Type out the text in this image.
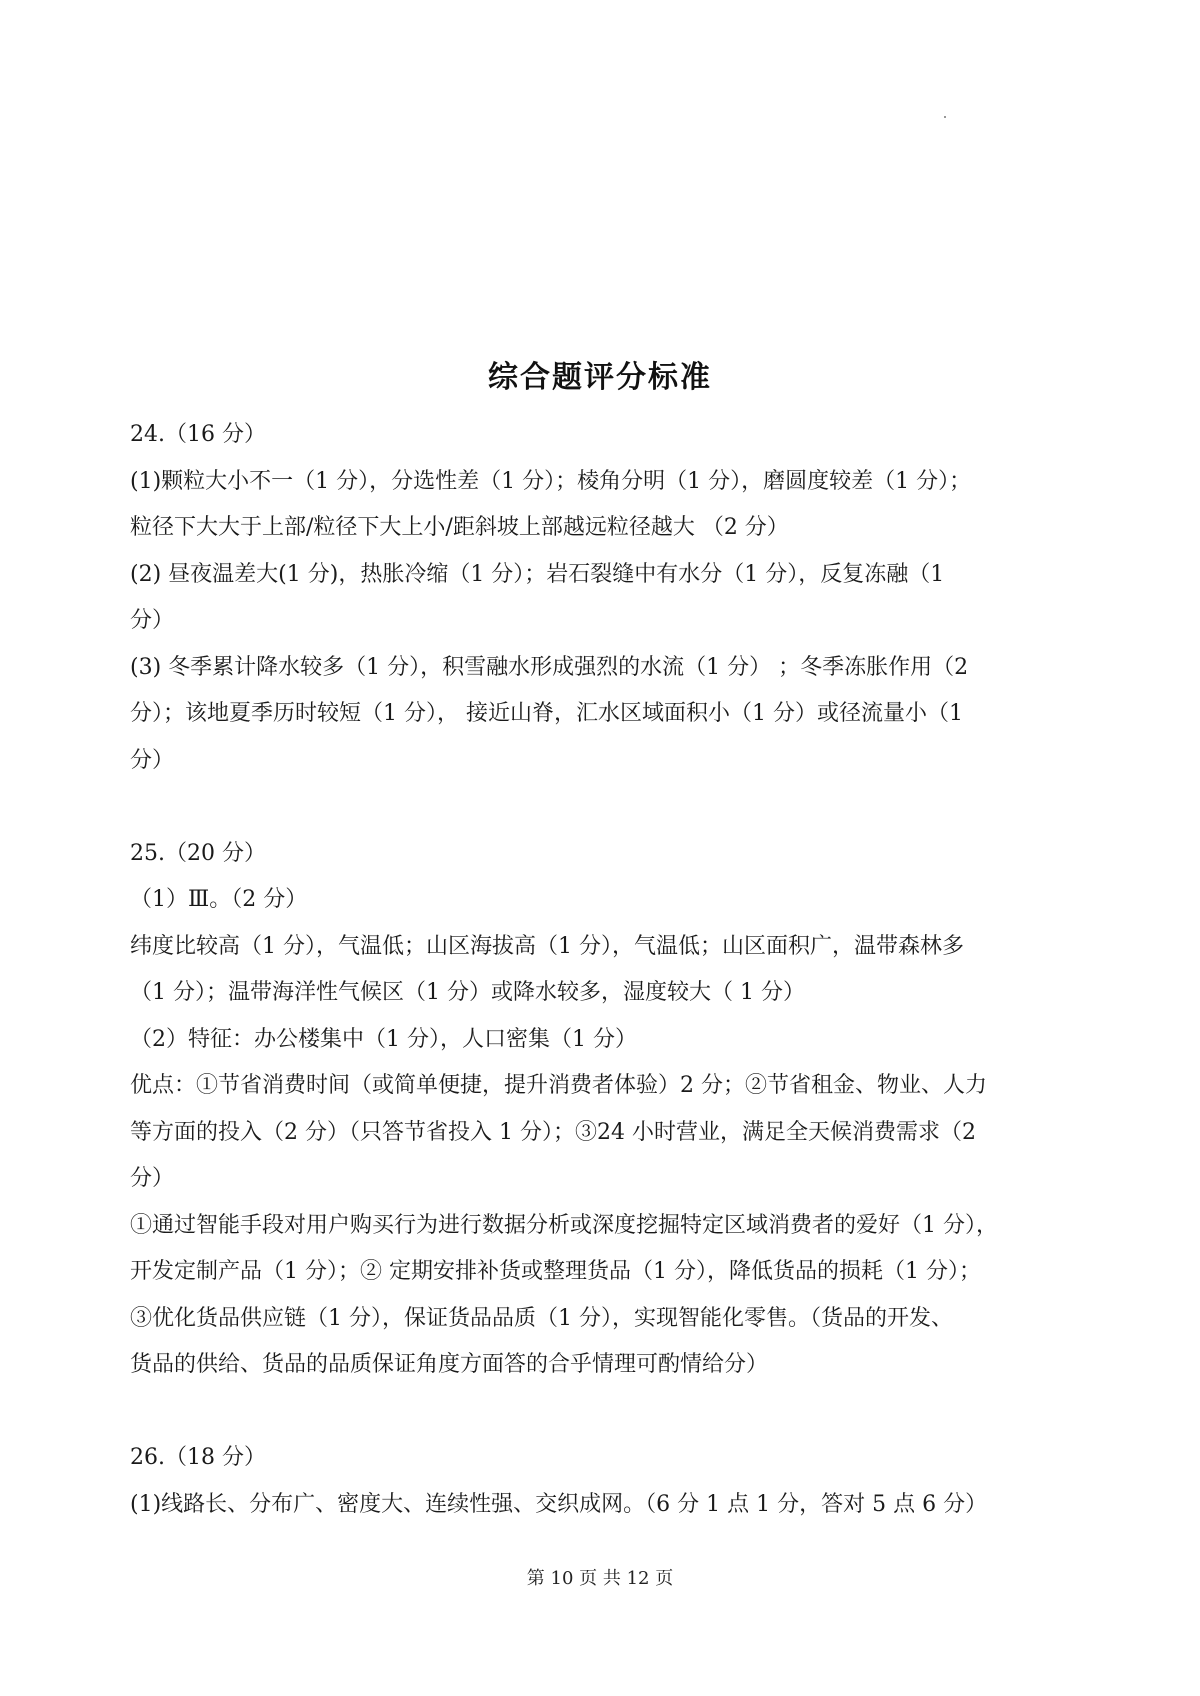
综合题评分标准
24.（16 分）
(1)颗粒大小不一（1 分），分选性差（1 分）；棱角分明（1 分），磨圆度较差（1 分）；
粒径下大大于上部/粒径下大上小/距斜坡上部越远粒径越大 （2 分）
(2) 昼夜温差大(1 分)，热胀冷缩（1 分）；岩石裂缝中有水分（1 分），反复冻融（1
分）
(3) 冬季累计降水较多（1 分），积雪融水形成强烈的水流（1 分） ；冬季冻胀作用（2
分）；该地夏季历时较短（1 分）， 接近山脊，汇水区域面积小（1 分）或径流量小（1
分）
25.（20 分）
（1）Ⅲ。（2 分）
纬度比较高（1 分），气温低；山区海拔高（1 分），气温低；山区面积广，温带森林多
（1 分）；温带海洋性气候区（1 分）或降水较多，湿度较大（ 1 分）
（2）特征：办公楼集中（1 分），人口密集（1 分）
优点：①节省消费时间（或简单便捷，提升消费者体验）2 分；②节省租金、物业、人力
等方面的投入（2 分）（只答节省投入 1 分）；③24 小时营业，满足全天候消费需求（2
分）
①通过智能手段对用户购买行为进行数据分析或深度挖掘特定区域消费者的爱好（1 分），
开发定制产品（1 分）；② 定期安排补货或整理货品（1 分），降低货品的损耗（1 分）；
③优化货品供应链（1 分），保证货品品质（1 分），实现智能化零售。（货品的开发、
货品的供给、货品的品质保证角度方面答的合乎情理可酌情给分）
26.（18 分）
(1)线路长、分布广、密度大、连续性强、交织成网。（6 分 1 点 1 分，答对 5 点 6 分）
第 10 页 共 12 页
